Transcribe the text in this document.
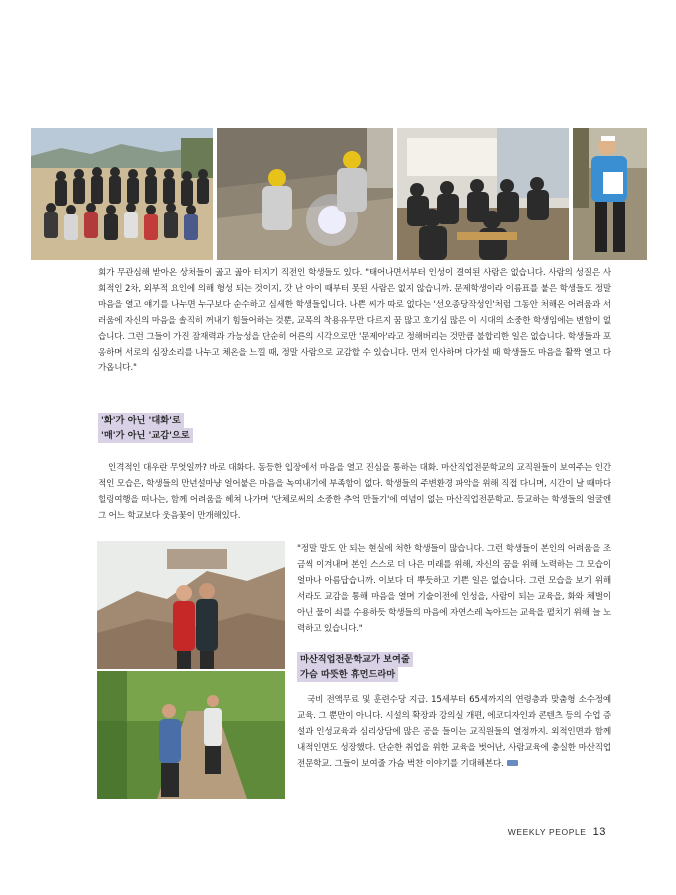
회가 무관심해 받아온 상처들이 곪고 곪아 터지기 직전인 학생들도 있다. "태어나면서부터 인성이 결여된 사람은 없습니다. 사람의 성질은 사회적인 2차, 외부적 요인에 의해 형성 되는 것이지, 갓 난 아이 때부터 못된 사람은 없지 않습니까. 문제학생이라 이름표를 붙은 학생들도 정말 마음을 열고 얘기를 나누면 누구보다 순수하고 심세한 학생들입니다. 나쁜 씨가 따로 없다는 '선오종당작성인'처럼 그동안 처해온 어려움과 서러움에 자신의 마음을 솔직히 꺼내기 힘들어하는 것뿐, 교목의 착용유무만 다르지 꿈 많고 호기심 많은 이 시대의 소중한 학생임에는 변함이 없습니다. 그런 그들이 가진 잠재력과 가능성을 단순히 어른의 시각으로만 '문제아'라고 정해버리는 것만큼 불합리한 일은 없습니다. 학생들과 포옹하며 서로의 심장소리를 나누고 체온을 느낄 때, 정말 사람으로 교감할 수 있습니다. 먼저 인사하며 다가설 때 학생들도 마음을 활짝 열고 다가옵니다."

'화'가 아닌 '대화'로
'매'가 아닌 '교감'으로

인격적인 대우란 무엇일까? 바로 대화다. 동등한 입장에서 마음을 열고 진심을 통하는 대화. 마산직업전문학교의 교직원들이 보여주는 인간적인 모습은, 학생들의 만년설마냥 얼어붙은 마음을 녹여내기에 부족함이 없다. 학생들의 주변환경 파악을 위해 직접 다니며, 시간이 날 때마다 힐링여행을 떠나는, 함께 어려움을 헤쳐 나가며 '단체로써의 소중한 추억 만들기'에 여념이 없는 마산직업전문학교. 등교하는 학생들의 얼굴엔 그 어느 학교보다 웃음꽃이 만개해있다.

"정말 말도 안 되는 현실에 처한 학생들이 많습니다. 그런 학생들이 본인의 어려움을 조금씩 이겨내며 본인 스스로 더 나은 미래를 위해, 자신의 꿈을 위해 노력하는 그 모습이 얼마나 아름답습니까. 이보다 더 뿌듯하고 기쁜 일은 없습니다. 그런 모습을 보기 위해서라도 교감을 통해 마음을 열며 기술이전에 인성을, 사람이 되는 교육을, 화와 체벌이 아닌 물이 쇠를 수용하듯 학생들의 마음에 자연스레 녹아드는 교육을 펼치기 위해 늘 노력하고 있습니다."

마산직업전문학교가 보여줄
가슴 따뜻한 휴먼드라마

국비 전액무료 및 훈련수당 지급. 15세부터 65세까지의 연령층과 맞춤형 소수정예교육. 그 뿐만이 아니다. 시설의 확장과 강의실 개편, 에코디자인과 콘텐츠 등의 수업 증설과 인성교육과 심리상담에 많은 공을 들이는 교직원들의 열정까지. 외적인면과 함께 내적인면도 성장했다. 단순한 취업을 위한 교육을 벗어난, 사람교육에 충실한 마산직업전문학교. 그들이 보여줄 가슴 벅찬 이야기를 기대해본다.

WEEKLY PEOPLE 13
